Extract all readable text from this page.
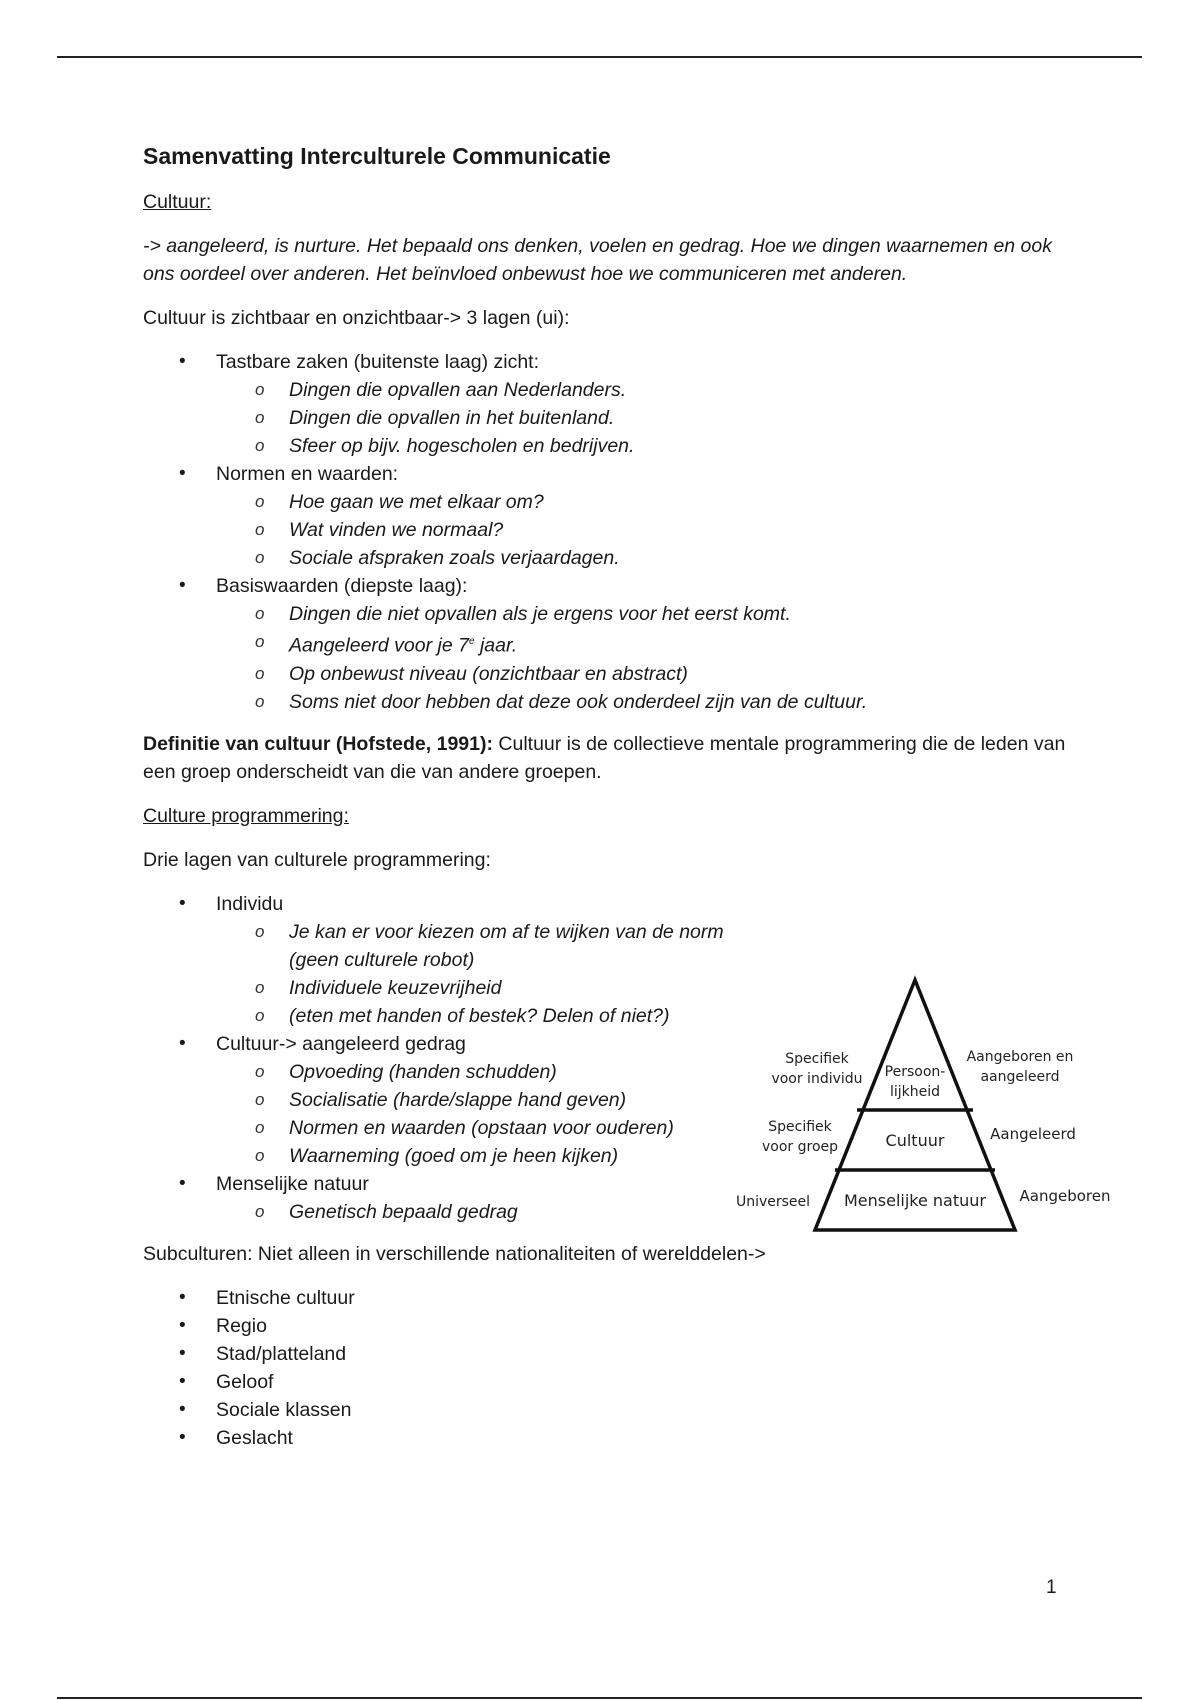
Samenvatting Interculturele Communicatie
Cultuur:
-> aangeleerd, is nurture. Het bepaald ons denken, voelen en gedrag. Hoe we dingen waarnemen en ook ons oordeel over anderen. Het beïnvloed onbewust hoe we communiceren met anderen.
Cultuur is zichtbaar en onzichtbaar-> 3 lagen (ui):
• Tastbare zaken (buitenste laag) zicht:
o Dingen die opvallen aan Nederlanders.
o Dingen die opvallen in het buitenland.
o Sfeer op bijv. hogescholen en bedrijven.
• Normen en waarden:
o Hoe gaan we met elkaar om?
o Wat vinden we normaal?
o Sociale afspraken zoals verjaardagen.
• Basiswaarden (diepste laag):
o Dingen die niet opvallen als je ergens voor het eerst komt.
o Aangeleerd voor je 7e jaar.
o Op onbewust niveau (onzichtbaar en abstract)
o Soms niet door hebben dat deze ook onderdeel zijn van de cultuur.
Definitie van cultuur (Hofstede, 1991): Cultuur is de collectieve mentale programmering die de leden van een groep onderscheidt van die van andere groepen.
Culture programmering:
Drie lagen van culturele programmering:
• Individu
o Je kan er voor kiezen om af te wijken van de norm (geen culturele robot)
o Individuele keuzevrijheid
o (eten met handen of bestek? Delen of niet?)
• Cultuur-> aangeleerd gedrag
o Opvoeding (handen schudden)
o Socialisatie (harde/slappe hand geven)
o Normen en waarden (opstaan voor ouderen)
o Waarneming (goed om je heen kijken)
• Menselijke natuur
o Genetisch bepaald gedrag
Subculturen: Niet alleen in verschillende nationaliteiten of werelddelen->
• Etnische cultuur
• Regio
• Stad/platteland
• Geloof
• Sociale klassen
• Geslacht
Persoon-
lijkheid
Cultuur
Menselijke natuur
Specifiek
voor individu
Specifiek
voor groep
Universeel
Aangeboren en
aangeleerd
Aangeleerd
Aangeboren
1
